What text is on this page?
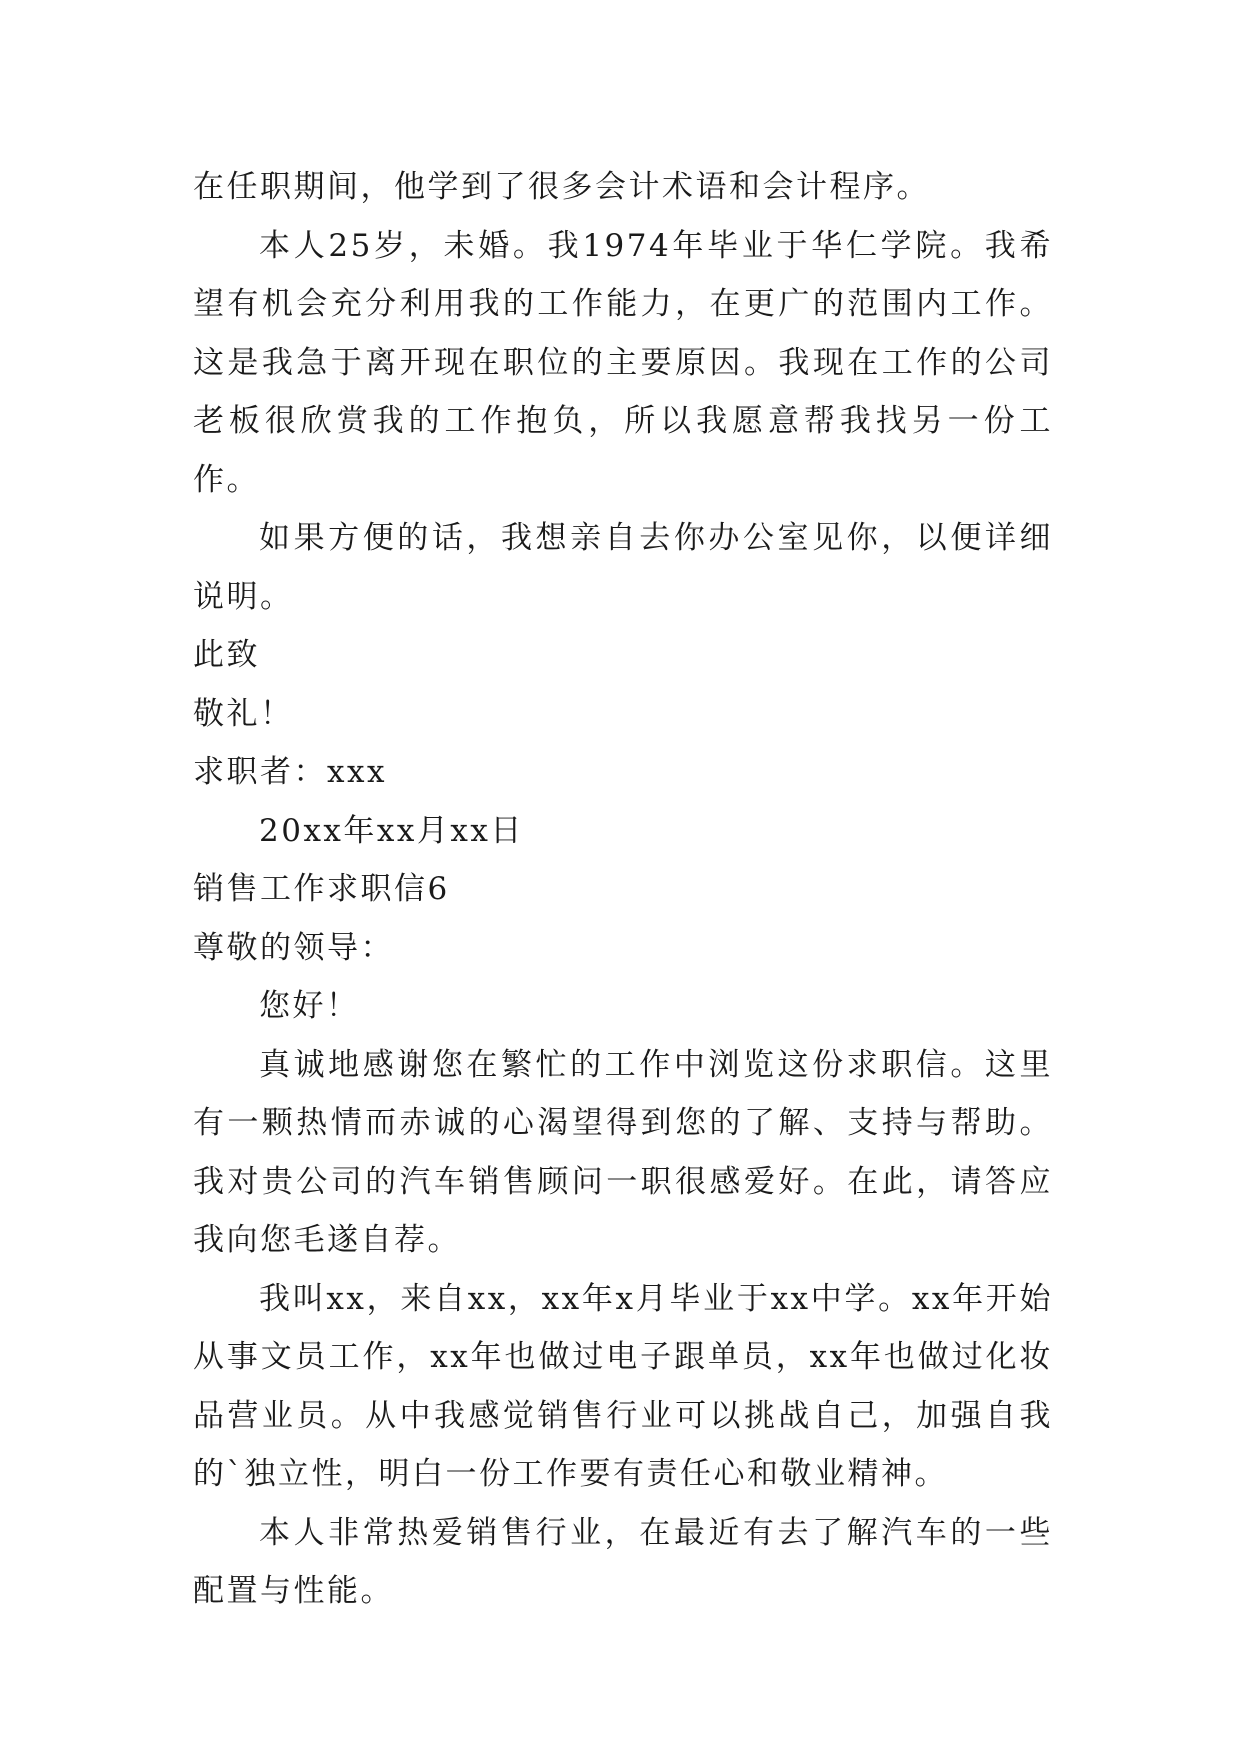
在任职期间，他学到了很多会计术语和会计程序。

本人25岁，未婚。我1974年毕业于华仁学院。我希望有机会充分利用我的工作能力，在更广的范围内工作。这是我急于离开现在职位的主要原因。我现在工作的公司老板很欣赏我的工作抱负，所以我愿意帮我找另一份工作。

如果方便的话，我想亲自去你办公室见你，以便详细说明。

此致

敬礼！

求职者：xxx

20xx年xx月xx日

销售工作求职信6

尊敬的领导：

您好！

真诚地感谢您在繁忙的工作中浏览这份求职信。这里有一颗热情而赤诚的心渴望得到您的了解、支持与帮助。我对贵公司的汽车销售顾问一职很感爱好。在此，请答应我向您毛遂自荐。

我叫xx，来自xx，xx年x月毕业于xx中学。xx年开始从事文员工作，xx年也做过电子跟单员，xx年也做过化妆品营业员。从中我感觉销售行业可以挑战自己，加强自我的`独立性，明白一份工作要有责任心和敬业精神。

本人非常热爱销售行业，在最近有去了解汽车的一些配置与性能。
